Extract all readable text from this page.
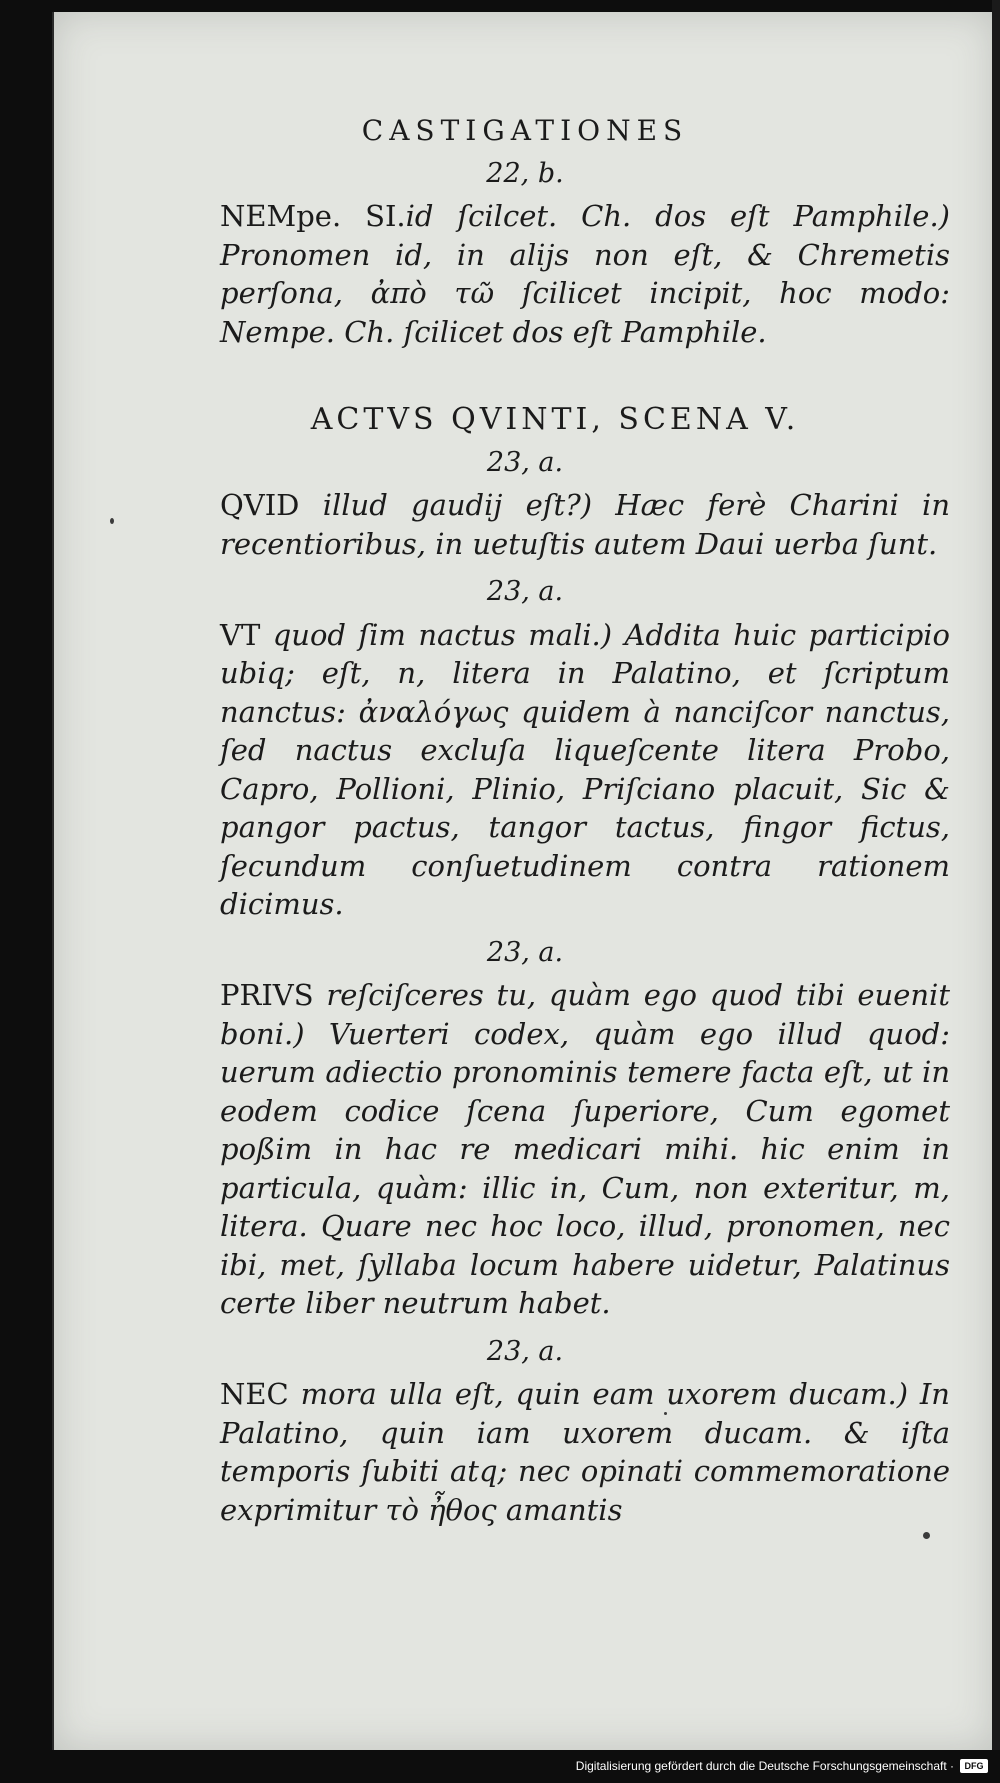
CASTIGATIONES
22, b.

NEMpe. SI.id ſcilcet. Ch. dos eſt Pamphile.) Pronomen id, in alijs non eſt, & Chremetis perſona, ἀπὸ τῶ ſcilicet incipit, hoc modo: Nempe. Ch. ſcilicet dos eſt Pamphile.

ACTVS QVINTI, SCENA V.
23, a.

QVID illud gaudij eſt?) Hæc ferè Charini in recentioribus, in uetuſtis autem Daui uerba ſunt.

23, a.

VT quod ſim nactus mali.) Addita huic participio ubiq; eſt, n, litera in Palatino, et ſcriptum nanctus: ἀναλόγως quidem à nanciſcor nanctus, ſed nactus excluſa liqueſcente litera Probo, Capro, Pollioni, Plinio, Priſciano placuit, Sic & pangor pactus, tangor tactus, fingor fictus, ſecundum conſuetudinem contra rationem dicimus.

23, a.

PRIVS reſciſceres tu, quàm ego quod tibi euenit boni.) Vuerteri codex, quàm ego illud quod: uerum adiectio pronominis temere facta eſt, ut in eodem codice ſcena ſuperiore, Cum egomet poßim in hac re medicari mihi. hic enim in particula, quàm: illic in, Cum, non exteritur, m, litera. Quare nec hoc loco, illud, pronomen, nec ibi, met, ſyllaba locum habere uidetur, Palatinus certe liber neutrum habet.

23, a.

NEC mora ulla eſt, quin eam uxorem ducam.) In Palatino, quin iam uxorem ducam. & iſta temporis ſubiti atq; nec opinati commemoratione exprimitur τὸ ἦθος amantis

Digitalisierung gefördert durch die Deutsche Forschungsgemeinschaft ·	DFG
